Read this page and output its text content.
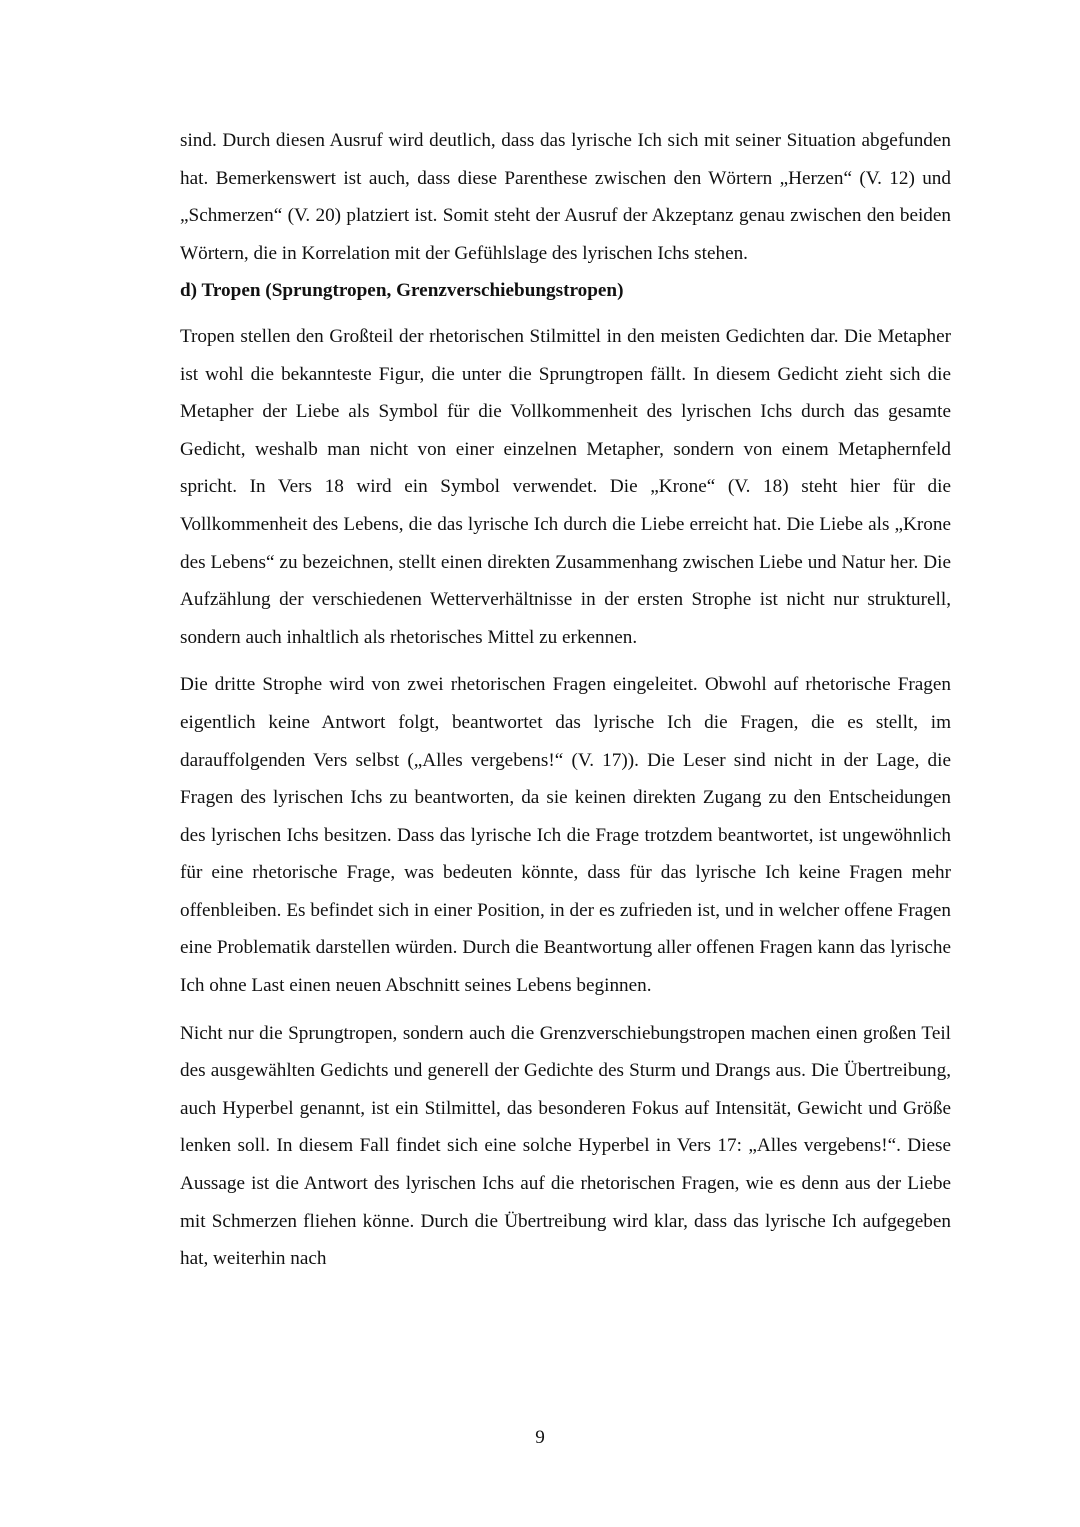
sind. Durch diesen Ausruf wird deutlich, dass das lyrische Ich sich mit seiner Situation abgefunden hat. Bemerkenswert ist auch, dass diese Parenthese zwischen den Wörtern „Herzen“ (V. 12) und „Schmerzen“ (V. 20) platziert ist. Somit steht der Ausruf der Akzeptanz genau zwischen den beiden Wörtern, die in Korrelation mit der Gefühlslage des lyrischen Ichs stehen.

d) Tropen (Sprungtropen, Grenzverschiebungstropen)

Tropen stellen den Großteil der rhetorischen Stilmittel in den meisten Gedichten dar. Die Metapher ist wohl die bekannteste Figur, die unter die Sprungtropen fällt. In diesem Gedicht zieht sich die Metapher der Liebe als Symbol für die Vollkommenheit des lyrischen Ichs durch das gesamte Gedicht, weshalb man nicht von einer einzelnen Metapher, sondern von einem Metaphernfeld spricht. In Vers 18 wird ein Symbol verwendet. Die „Krone“ (V. 18) steht hier für die Vollkommenheit des Lebens, die das lyrische Ich durch die Liebe erreicht hat. Die Liebe als „Krone des Lebens“ zu bezeichnen, stellt einen direkten Zusammenhang zwischen Liebe und Natur her. Die Aufzählung der verschiedenen Wetterverhältnisse in der ersten Strophe ist nicht nur strukturell, sondern auch inhaltlich als rhetorisches Mittel zu erkennen.

Die dritte Strophe wird von zwei rhetorischen Fragen eingeleitet. Obwohl auf rhetorische Fragen eigentlich keine Antwort folgt, beantwortet das lyrische Ich die Fragen, die es stellt, im darauffolgenden Vers selbst („Alles vergebens!“ (V. 17)). Die Leser sind nicht in der Lage, die Fragen des lyrischen Ichs zu beantworten, da sie keinen direkten Zugang zu den Entscheidungen des lyrischen Ichs besitzen. Dass das lyrische Ich die Frage trotzdem beantwortet, ist ungewöhnlich für eine rhetorische Frage, was bedeuten könnte, dass für das lyrische Ich keine Fragen mehr offenbleiben. Es befindet sich in einer Position, in der es zufrieden ist, und in welcher offene Fragen eine Problematik darstellen würden. Durch die Beantwortung aller offenen Fragen kann das lyrische Ich ohne Last einen neuen Abschnitt seines Lebens beginnen.

Nicht nur die Sprungtropen, sondern auch die Grenzverschiebungstropen machen einen großen Teil des ausgewählten Gedichts und generell der Gedichte des Sturm und Drangs aus. Die Übertreibung, auch Hyperbel genannt, ist ein Stilmittel, das besonderen Fokus auf Intensität, Gewicht und Größe lenken soll. In diesem Fall findet sich eine solche Hyperbel in Vers 17: „Alles vergebens!“. Diese Aussage ist die Antwort des lyrischen Ichs auf die rhetorischen Fragen, wie es denn aus der Liebe mit Schmerzen fliehen könne. Durch die Übertreibung wird klar, dass das lyrische Ich aufgegeben hat, weiterhin nach

9
